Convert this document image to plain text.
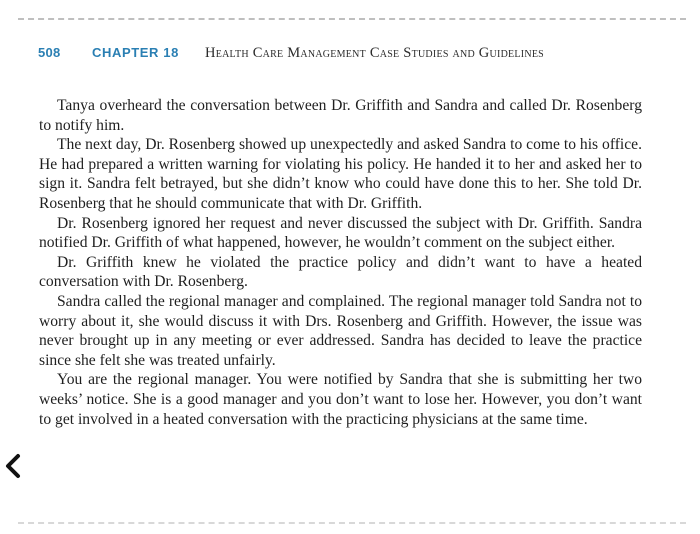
508 CHAPTER 18 Health Care Management Case Studies and Guidelines

Tanya overheard the conversation between Dr. Griffith and Sandra and called Dr. Rosenberg to notify him.

The next day, Dr. Rosenberg showed up unexpectedly and asked Sandra to come to his office. He had prepared a written warning for violating his policy. He handed it to her and asked her to sign it. Sandra felt betrayed, but she didn’t know who could have done this to her. She told Dr. Rosenberg that he should communicate that with Dr. Griffith.

Dr. Rosenberg ignored her request and never discussed the subject with Dr. Griffith. Sandra notified Dr. Griffith of what happened, however, he wouldn’t comment on the subject either.

Dr. Griffith knew he violated the practice policy and didn’t want to have a heated conversation with Dr. Rosenberg.

Sandra called the regional manager and complained. The regional manager told Sandra not to worry about it, she would discuss it with Drs. Rosenberg and Griffith. However, the issue was never brought up in any meeting or ever addressed. Sandra has decided to leave the practice since she felt she was treated unfairly.

You are the regional manager. You were notified by Sandra that she is submitting her two weeks’ notice. She is a good manager and you don’t want to lose her. However, you don’t want to get involved in a heated conversation with the practicing physicians at the same time.
